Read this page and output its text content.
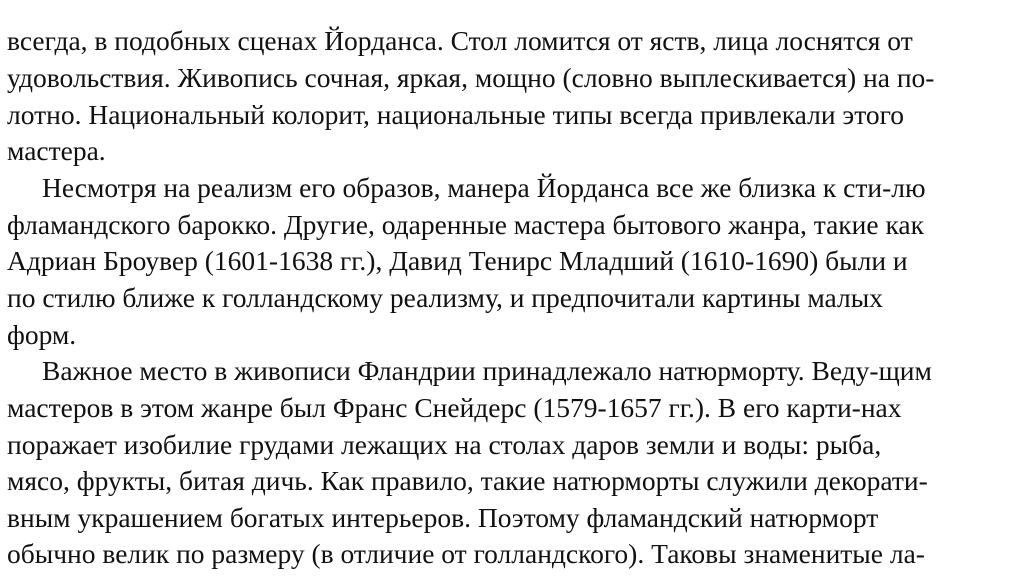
всегда, в подобных сценах Йорданса. Стол ломится от яств, лица лоснятся от
удовольствия. Живопись сочная, яркая, мощно (словно выплескивается) на по-
лотно. Национальный колорит, национальные типы всегда привлекали этого
мастера.
Несмотря на реализм его образов, манера Йорданса все же близка к сти-лю
фламандского барокко. Другие, одаренные мастера бытового жанра, такие как
Адриан Броувер (1601-1638 гг.), Давид Тенирс Младший (1610-1690) были и
по стилю ближе к голландскому реализму, и предпочитали картины малых
форм.
Важное место в живописи Фландрии принадлежало натюрморту. Веду-щим
мастеров в этом жанре был Франс Снейдерс (1579-1657 гг.). В его карти-нах
поражает изобилие грудами лежащих на столах даров земли и воды: рыба,
мясо, фрукты, битая дичь. Как правило, такие натюрморты служили декорати-
вным украшением богатых интерьеров. Поэтому фламандский натюрморт
обычно велик по размеру (в отличие от голландского). Таковы знаменитые ла-
